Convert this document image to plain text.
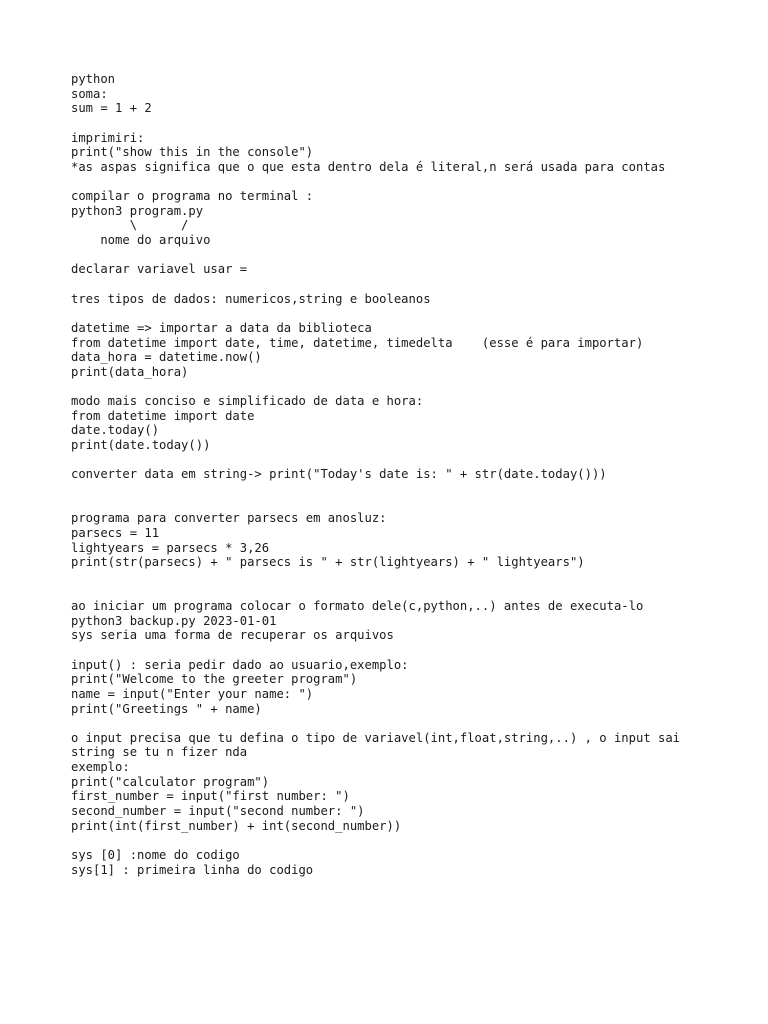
python
soma:
sum = 1 + 2
imprimiri:
print("show this in the console")
*as aspas significa que o que esta dentro dela é literal,n será usada para contas
compilar o programa no terminal :
python3 program.py
\      /
nome do arquivo
declarar variavel usar =
tres tipos de dados: numericos,string e booleanos
datetime => importar a data da biblioteca
from datetime import date, time, datetime, timedelta    (esse é para importar)
data_hora = datetime.now()
print(data_hora)
modo mais conciso e simplificado de data e hora:
from datetime import date
date.today()
print(date.today())
converter data em string-> print("Today's date is: " + str(date.today()))
programa para converter parsecs em anosluz:
parsecs = 11
lightyears = parsecs * 3,26
print(str(parsecs) + " parsecs is " + str(lightyears) + " lightyears")
ao iniciar um programa colocar o formato dele(c,python,..) antes de executa-lo
python3 backup.py 2023-01-01
sys seria uma forma de recuperar os arquivos
input() : seria pedir dado ao usuario,exemplo:
print("Welcome to the greeter program")
name = input("Enter your name: ")
print("Greetings " + name)
o input precisa que tu defina o tipo de variavel(int,float,string,..) , o input sai
string se tu n fizer nda
exemplo:
print("calculator program")
first_number = input("first number: ")
second_number = input("second number: ")
print(int(first_number) + int(second_number))
sys [0] :nome do codigo
sys[1] : primeira linha do codigo
